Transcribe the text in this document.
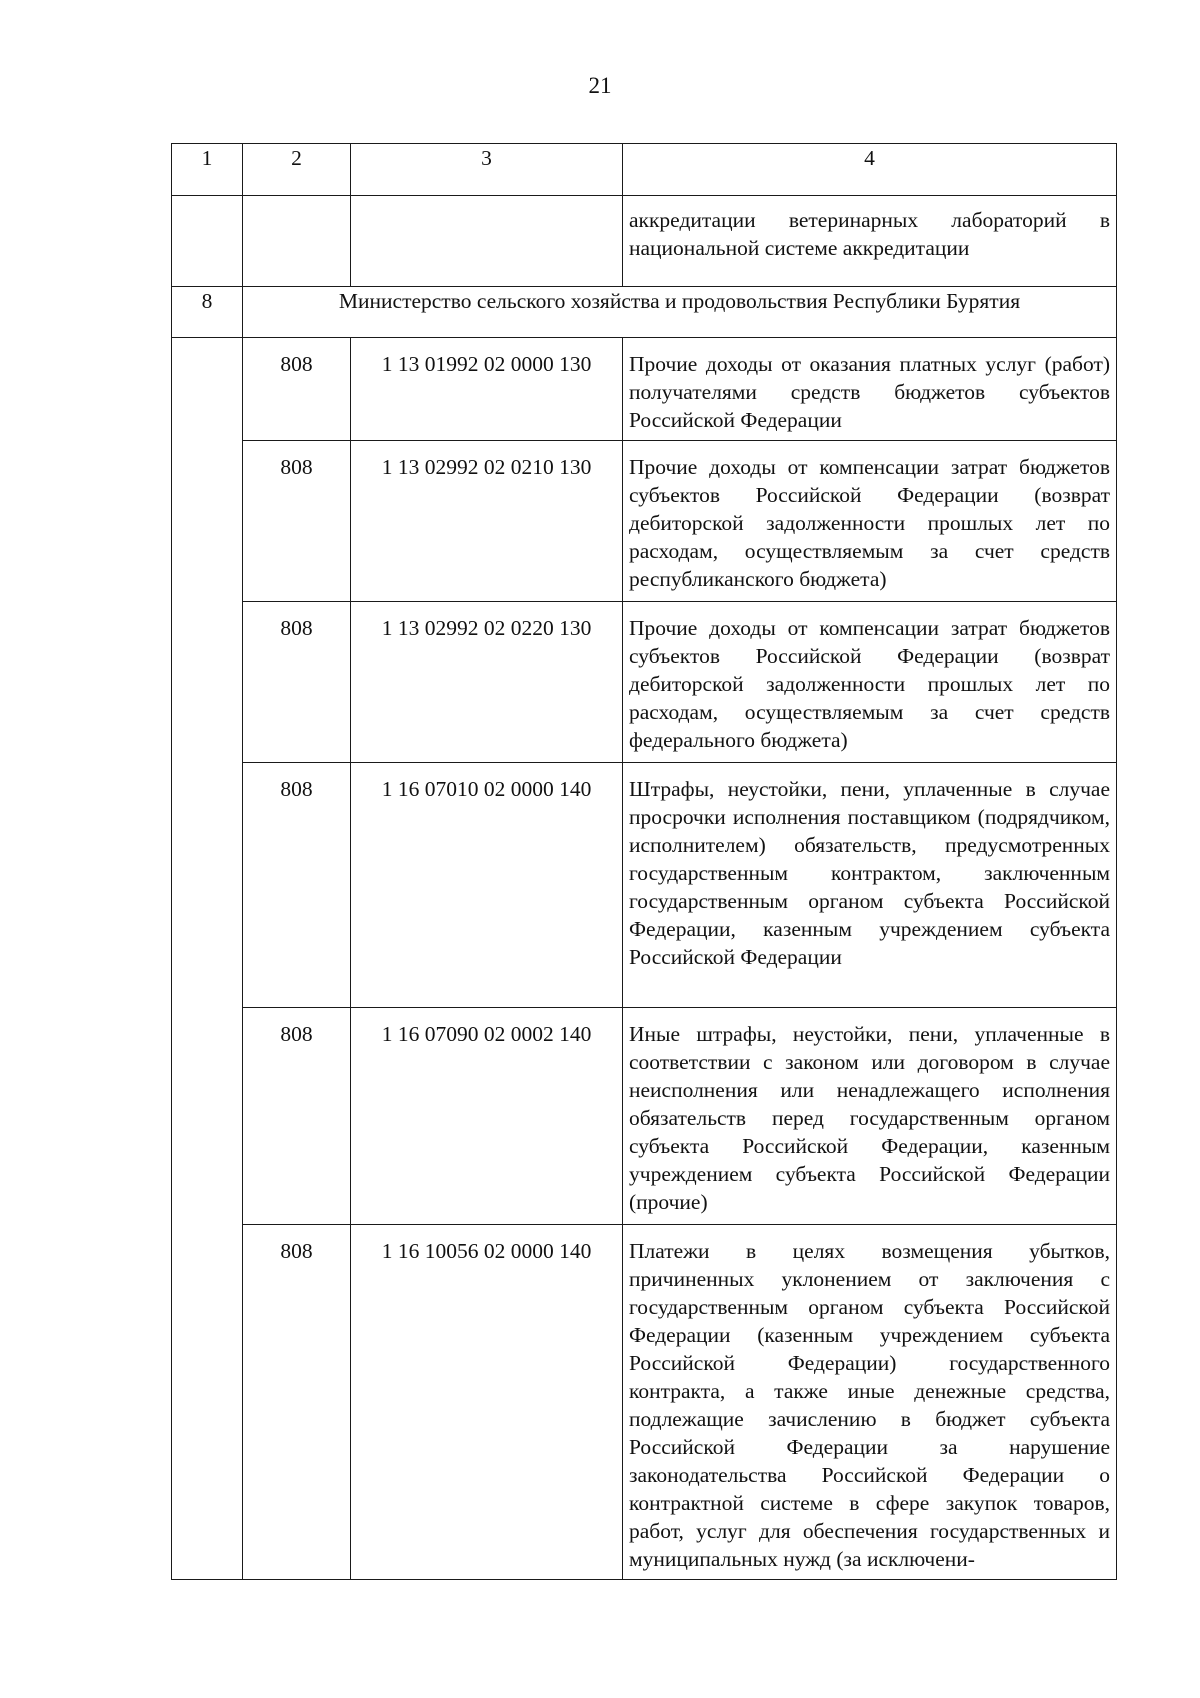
21
1	2	3	4
			аккредитации ветеринарных лабораторий в национальной системе аккредитации
8	Министерство сельского хозяйства и продовольствия Республики Бурятия		
	808	1 13 01992 02 0000 130	Прочие доходы от оказания платных услуг (работ) получателями средств бюджетов субъектов Российской Федерации
	808	1 13 02992 02 0210 130	Прочие доходы от компенсации затрат бюджетов субъектов Российской Федерации (возврат дебиторской задолженности прошлых лет по расходам, осуществляемым за счет средств республиканского бюджета)
	808	1 13 02992 02 0220 130	Прочие доходы от компенсации затрат бюджетов субъектов Российской Федерации (возврат дебиторской задолженности прошлых лет по расходам, осуществляемым за счет средств федерального бюджета)
	808	1 16 07010 02 0000 140	Штрафы, неустойки, пени, уплаченные в случае просрочки исполнения поставщиком (подрядчиком, исполнителем) обязательств, предусмотренных государственным контрактом, заключенным государственным органом субъекта Российской Федерации, казенным учреждением субъекта Российской Федерации
	808	1 16 07090 02 0002 140	Иные штрафы, неустойки, пени, уплаченные в соответствии с законом или договором в случае неисполнения или ненадлежащего исполнения обязательств перед государственным органом субъекта Российской Федерации, казенным учреждением субъекта Российской Федерации (прочие)
	808	1 16 10056 02 0000 140	Платежи в целях возмещения убытков, причиненных уклонением от заключения с государственным органом субъекта Российской Федерации (казенным учреждением субъекта Российской Федерации) государственного контракта, а также иные денежные средства, подлежащие зачислению в бюджет субъекта Российской Федерации за нарушение законодательства Российской Федерации о контрактной системе в сфере закупок товаров, работ, услуг для обеспечения государственных и муниципальных нужд (за исключени-
